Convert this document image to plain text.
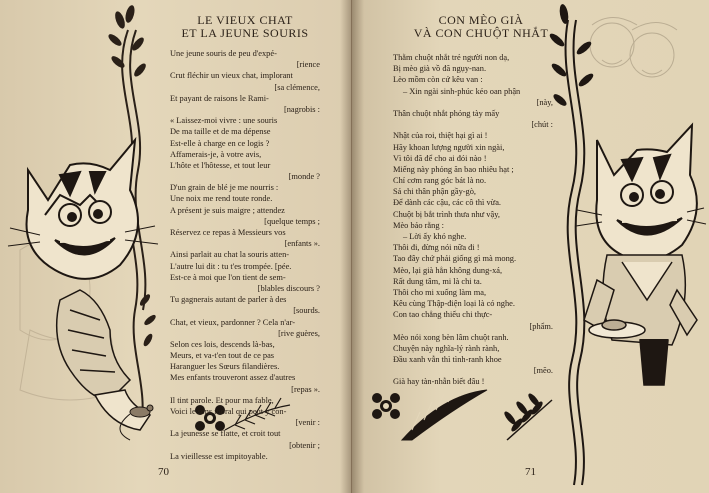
LE VIEUX CHAT
ET LA JEUNE SOURIS
Une jeune souris de peu d'expé-
[rience
Crut fléchir un vieux chat, implorant
[sa clémence,
Et payant de raisons le Rami-
[nagrobis :
« Laissez-moi vivre : une souris
De ma taille et de ma dépense
Est-elle à charge en ce logis ?
Affamerais-je, à votre avis,
L'hôte et l'hôtesse, et tout leur
[monde ?
D'un grain de blé je me nourris :
Une noix me rend toute ronde.
A présent je suis maigre ; attendez
[quelque temps ;
Réservez ce repas à Messieurs vos
[enfants ».
Ainsi parlait au chat la souris atten-
L'autre lui dit : tu t'es trompée. [pée.
Est-ce à moi que l'on tient de sem-
[blables discours ?
Tu gagnerais autant de parler à des
[sourds.
Chat, et vieux, pardonner ? Cela n'ar-
[rive guères,
Selon ces lois, descends là-bas,
Meurs, et va-t'en tout de ce pas
Haranguer les Sœurs filandières.
Mes enfants trouveront assez d'autres
[repas ».
Il tint parole. Et pour ma fable,
Voici le sens moral qui peut y con-
[venir :
La jeunesse se flatte, et croit tout
[obtenir ;
La vieillesse est impitoyable.
70
CON MÈO GIÀ
VÀ CON CHUỘT NHẮT
Thằm chuột nhắt trẻ người non dạ,
Bị mèo già vồ đã ngụy-nan.
Lèo mồm còn cứ kêu van :
– Xin ngài sinh-phúc kẻo oan phận
[này,
Thân chuột nhắt phỏng tày mấy
[chút :
Nhật của roi, thiệt hại gì ai !
Hãy khoan lượng người xin ngài,
Vì tôi đã để cho ai đói nào !
Miếng này phỏng ăn bao nhiêu hạt ;
Chỉ cơm rang góc bát là no.
Sá chi thân phận gầy-gò,
Để dành các cậu, các cô thì vừa.
Chuột bị bắt trình thưa như vậy,
Mèo bảo rằng :
– Lời ấy khó nghe.
Thôi đi, đừng nói nữa đi !
Tao đây chứ phải giống gì mà mong.
Mèo, lại già hẳn không dung-xá,
Rất dung tâm, mi là chi ta.
Thôi cho mi xuống làm ma,
Kêu cùng Thập-điện loại là có nghe.
Con tao chẳng thiếu chi thực-
[phẩm.
Mèo nói xong bèn lâm chuột ranh.
Chuyện này nghĩa-lý rành rành,
Đầu xanh vẫn thì tình-ranh khoe
[mẽo.
Già hay tàn-nhẫn biết đâu !
71
